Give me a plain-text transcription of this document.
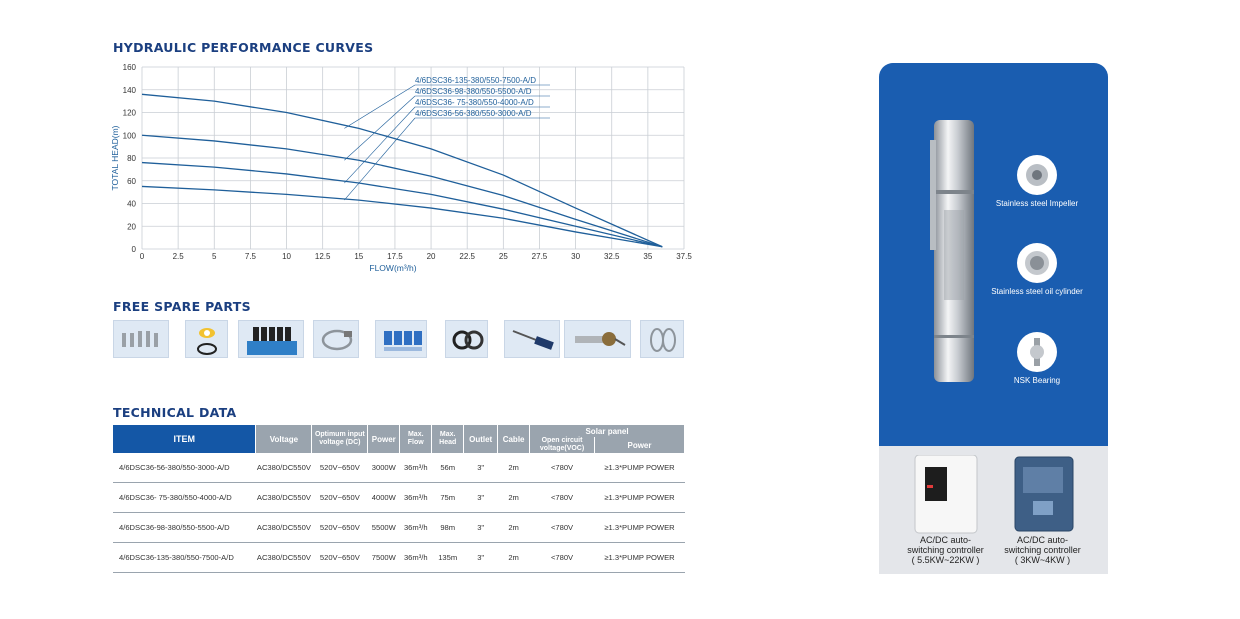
HYDRAULIC PERFORMANCE CURVES
FREE SPARE PARTS
TECHNICAL DATA
0	2.5	5	7.5	10	12.5	15	17.5	20	22.5	25	27.5	30	32.5	35	37.5
0
20
40
60
80
100
120
140
160
FLOW(m³/h)
TOTAL HEAD(m)
4/6DSC36-135-380/550-7500-A/D
4/6DSC36-98-380/550-5500-A/D
4/6DSC36- 75-380/550-4000-A/D
4/6DSC36-56-380/550-3000-A/D
ITEM	Voltage	Optimum input voltage (DC)	Power	Max. Flow	Max. Head	Outlet	Cable	Solar panel	
								Open circuit voltage(VOC)	Power
4/6DSC36-56-380/550-3000-A/D	AC380/DC550V	520V~650V	3000W	36m³/h	56m	3"	2m	<780V	≥1.3*PUMP POWER
4/6DSC36- 75-380/550-4000-A/D	AC380/DC550V	520V~650V	4000W	36m³/h	75m	3"	2m	<780V	≥1.3*PUMP POWER
4/6DSC36-98-380/550-5500-A/D	AC380/DC550V	520V~650V	5500W	36m³/h	98m	3"	2m	<780V	≥1.3*PUMP POWER
4/6DSC36-135-380/550-7500-A/D	AC380/DC550V	520V~650V	7500W	36m³/h	135m	3"	2m	<780V	≥1.3*PUMP POWER
Stainless steel Impeller
Stainless steel oil cylinder
NSK Bearing
AC/DC auto-
switching controller
( 5.5KW~22KW )
AC/DC auto-
switching controller
( 3KW~4KW )
